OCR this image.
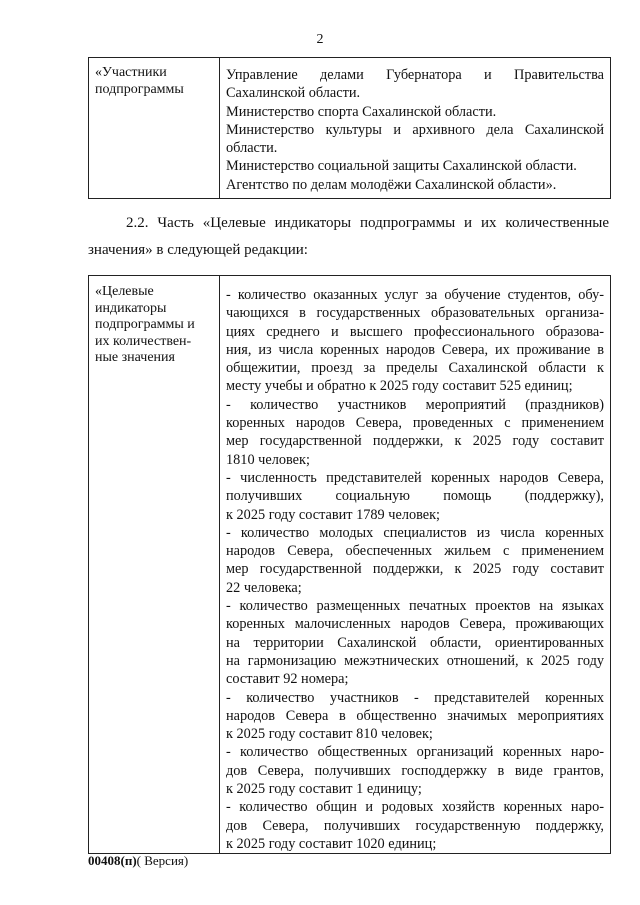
2
«Участники
подпрограммы

Управление делами Губернатора и Правительства
Сахалинской области.
Министерство спорта Сахалинской области.
Министерство культуры и архивного дела Сахалинской
области.
Министерство социальной защиты Сахалинской области.
Агентство по делам молодёжи Сахалинской области».
2.2. Часть «Целевые индикаторы подпрограммы и их количественные
значения» в следующей редакции:
«Целевые
индикаторы
подпрограммы и
их количествен-
ные значения

- количество оказанных услуг за обучение студентов, обу-
чающихся в государственных образовательных организа-
циях среднего и высшего профессионального образова-
ния, из числа коренных народов Севера, их проживание в
общежитии, проезд за пределы Сахалинской области к
месту учебы и обратно к 2025 году составит 525 единиц;
- количество участников мероприятий (праздников)
коренных народов Севера, проведенных с применением
мер государственной поддержки, к 2025 году составит
1810 человек;
- численность представителей коренных народов Севера,
получивших социальную помощь (поддержку),
к 2025 году составит 1789 человек;
- количество молодых специалистов из числа коренных
народов Севера, обеспеченных жильем с применением
мер государственной поддержки, к 2025 году составит
22 человека;
- количество размещенных печатных проектов на языках
коренных малочисленных народов Севера, проживающих
на территории Сахалинской области, ориентированных
на гармонизацию межэтнических отношений, к 2025 году
составит 92 номера;
- количество участников - представителей коренных
народов Севера в общественно значимых мероприятиях
к 2025 году составит 810 человек;
- количество общественных организаций коренных наро-
дов Севера, получивших господдержку в виде грантов,
к 2025 году составит 1 единицу;
- количество общин и родовых хозяйств коренных наро-
дов Севера, получивших государственную поддержку,
к 2025 году составит 1020 единиц;
00408(п)( Версия)
